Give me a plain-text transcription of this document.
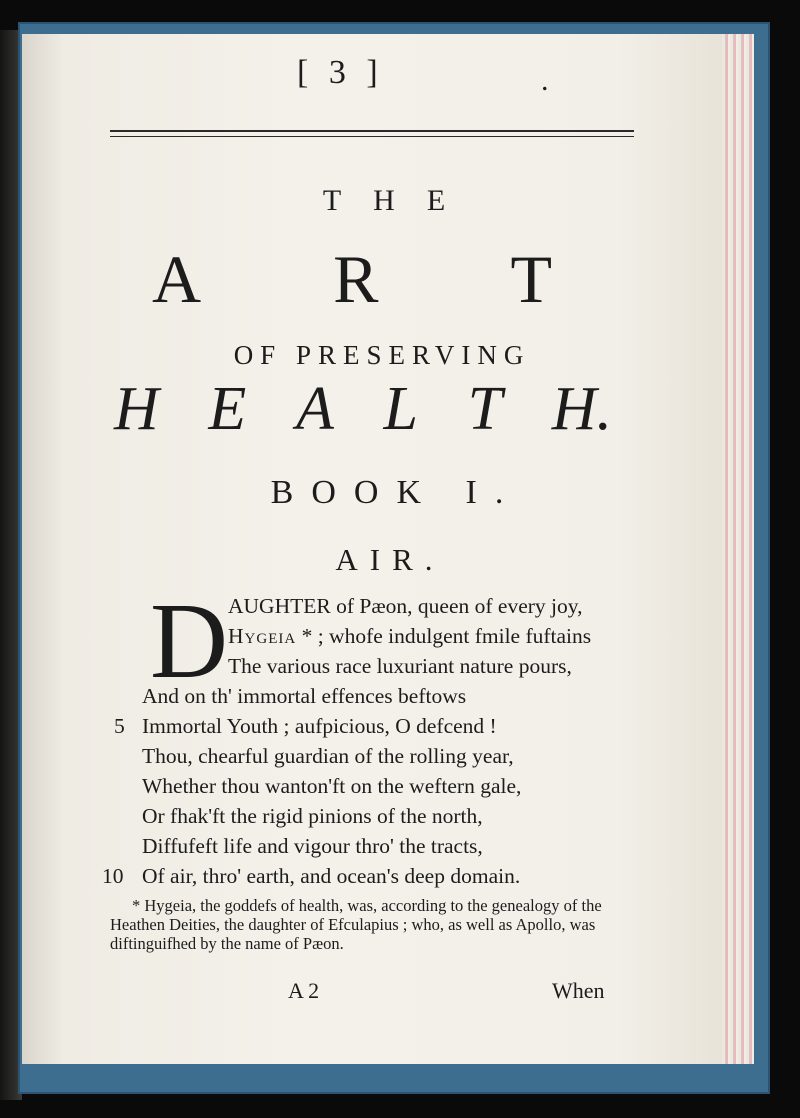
[ 3 ]	.
THE
A R T
OF PRESERVING
H E A L T H.
BOOK I.
AIR.
D AUGHTER of Pæon, queen of every joy,
Hygeia * ; whofe indulgent fmile fuftains
The various race luxuriant nature pours,
And on th' immortal effences beftows
5 Immortal Youth ; aufpicious, O defcend !
Thou, chearful guardian of the rolling year,
Whether thou wanton'ft on the weftern gale,
Or fhak'ft the rigid pinions of the north,
Diffufeft life and vigour thro' the tracts,
10 Of air, thro' earth, and ocean's deep domain.
* Hygeia, the goddefs of health, was, according to the genealogy of the Heathen Deities, the daughter of Efculapius ; who, as well as Apollo, was diftinguifhed by the name of Pæon.
A 2	When
